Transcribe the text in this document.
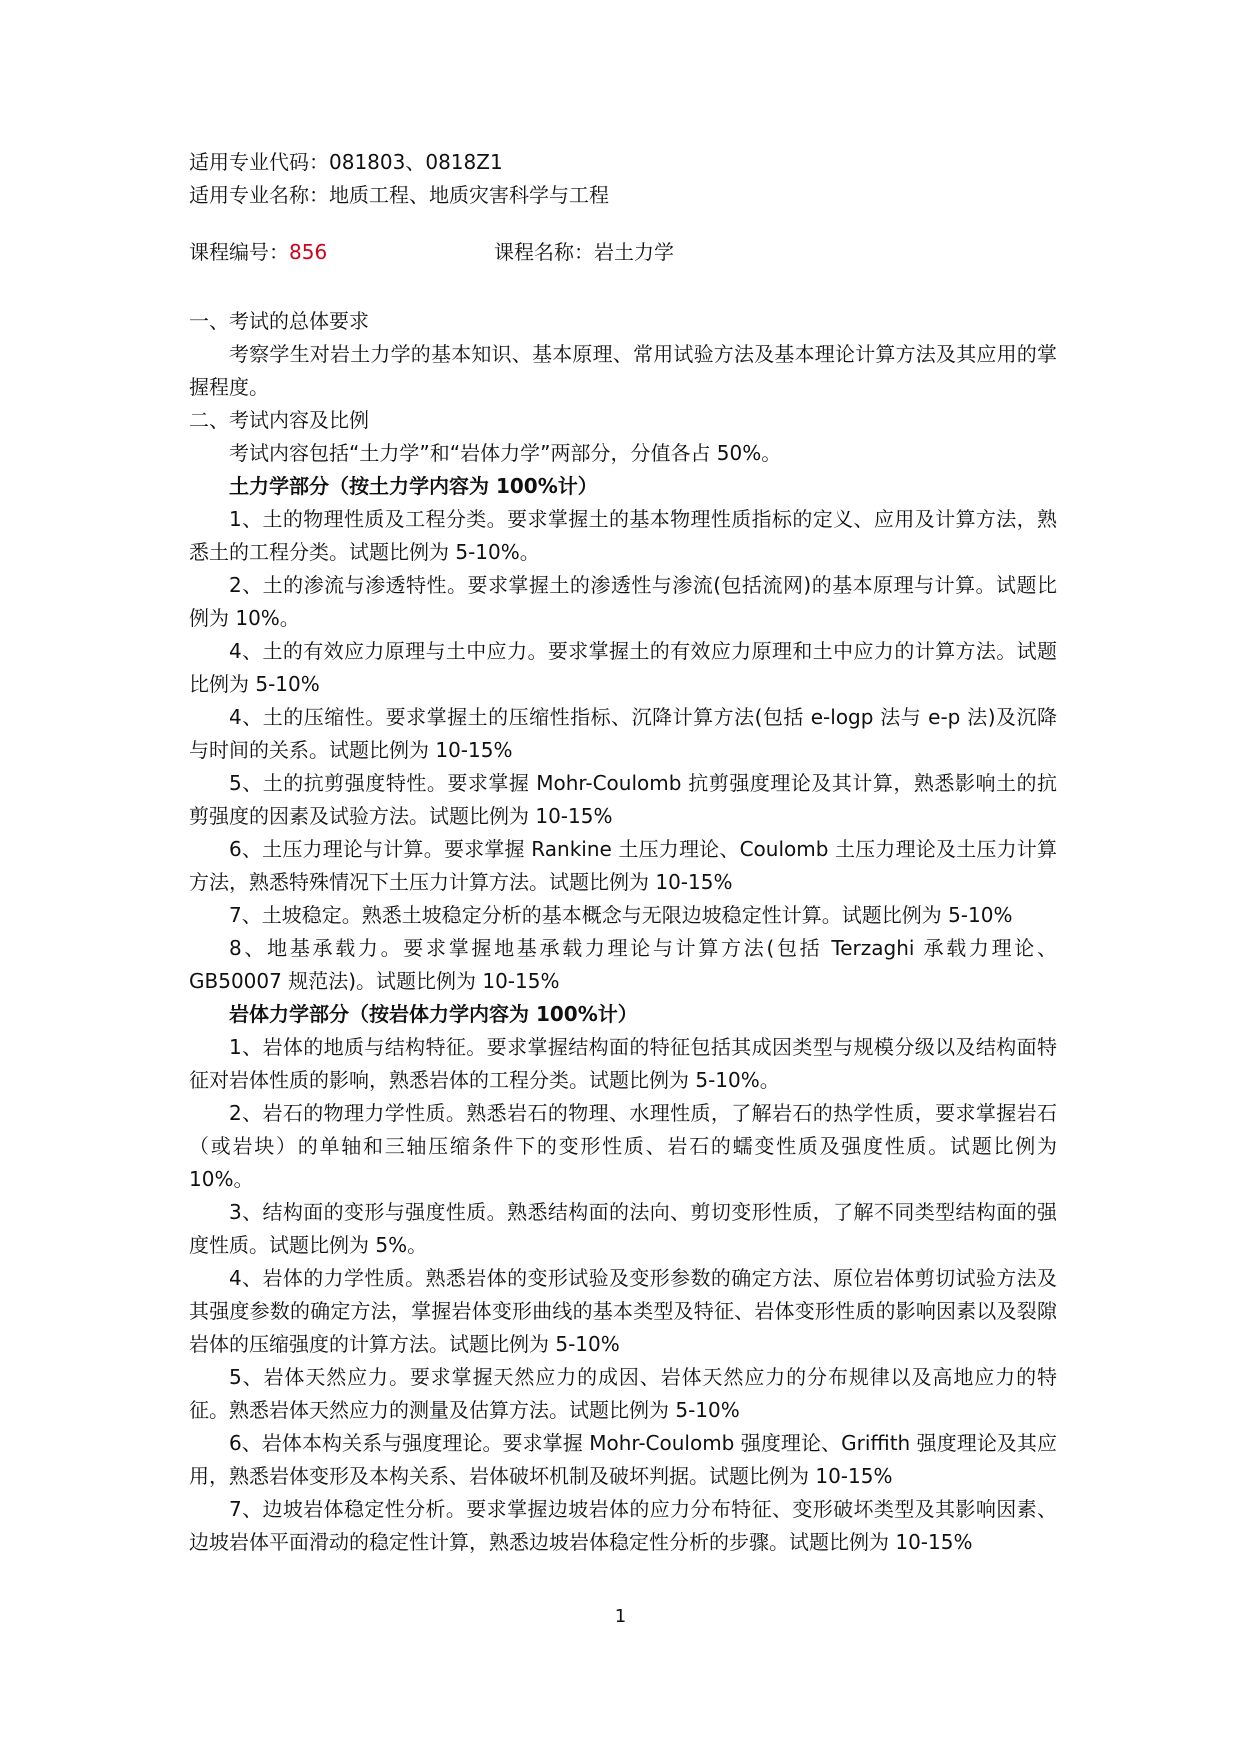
适用专业代码：081803、0818Z1
适用专业名称：地质工程、地质灾害科学与工程
课程编号：856	课程名称：岩土力学
一、考试的总体要求
考察学生对岩土力学的基本知识、基本原理、常用试验方法及基本理论计算方法及其应用的掌握程度。
二、考试内容及比例
考试内容包括“土力学”和“岩体力学”两部分，分值各占 50%。
土力学部分（按土力学内容为 100%计）
1、土的物理性质及工程分类。要求掌握土的基本物理性质指标的定义、应用及计算方法，熟悉土的工程分类。试题比例为 5-10%。
2、土的渗流与渗透特性。要求掌握土的渗透性与渗流(包括流网)的基本原理与计算。试题比例为 10%。
4、土的有效应力原理与土中应力。要求掌握土的有效应力原理和土中应力的计算方法。试题比例为 5-10%
4、土的压缩性。要求掌握土的压缩性指标、沉降计算方法(包括 e-logp 法与 e-p 法)及沉降与时间的关系。试题比例为 10-15%
5、土的抗剪强度特性。要求掌握 Mohr-Coulomb 抗剪强度理论及其计算，熟悉影响土的抗剪强度的因素及试验方法。试题比例为 10-15%
6、土压力理论与计算。要求掌握 Rankine 土压力理论、Coulomb 土压力理论及土压力计算方法，熟悉特殊情况下土压力计算方法。试题比例为 10-15%
7、土坡稳定。熟悉土坡稳定分析的基本概念与无限边坡稳定性计算。试题比例为 5-10%
8、地基承载力。要求掌握地基承载力理论与计算方法(包括 Terzaghi 承载力理论、GB50007 规范法)。试题比例为 10-15%
岩体力学部分（按岩体力学内容为 100%计）
1、岩体的地质与结构特征。要求掌握结构面的特征包括其成因类型与规模分级以及结构面特征对岩体性质的影响，熟悉岩体的工程分类。试题比例为 5-10%。
2、岩石的物理力学性质。熟悉岩石的物理、水理性质，了解岩石的热学性质，要求掌握岩石（或岩块）的单轴和三轴压缩条件下的变形性质、岩石的蠕变性质及强度性质。试题比例为 10%。
3、结构面的变形与强度性质。熟悉结构面的法向、剪切变形性质，了解不同类型结构面的强度性质。试题比例为 5%。
4、岩体的力学性质。熟悉岩体的变形试验及变形参数的确定方法、原位岩体剪切试验方法及其强度参数的确定方法，掌握岩体变形曲线的基本类型及特征、岩体变形性质的影响因素以及裂隙岩体的压缩强度的计算方法。试题比例为 5-10%
5、岩体天然应力。要求掌握天然应力的成因、岩体天然应力的分布规律以及高地应力的特征。熟悉岩体天然应力的测量及估算方法。试题比例为 5-10%
6、岩体本构关系与强度理论。要求掌握 Mohr-Coulomb 强度理论、Griffith 强度理论及其应用，熟悉岩体变形及本构关系、岩体破坏机制及破坏判据。试题比例为 10-15%
7、边坡岩体稳定性分析。要求掌握边坡岩体的应力分布特征、变形破坏类型及其影响因素、边坡岩体平面滑动的稳定性计算，熟悉边坡岩体稳定性分析的步骤。试题比例为 10-15%
1
